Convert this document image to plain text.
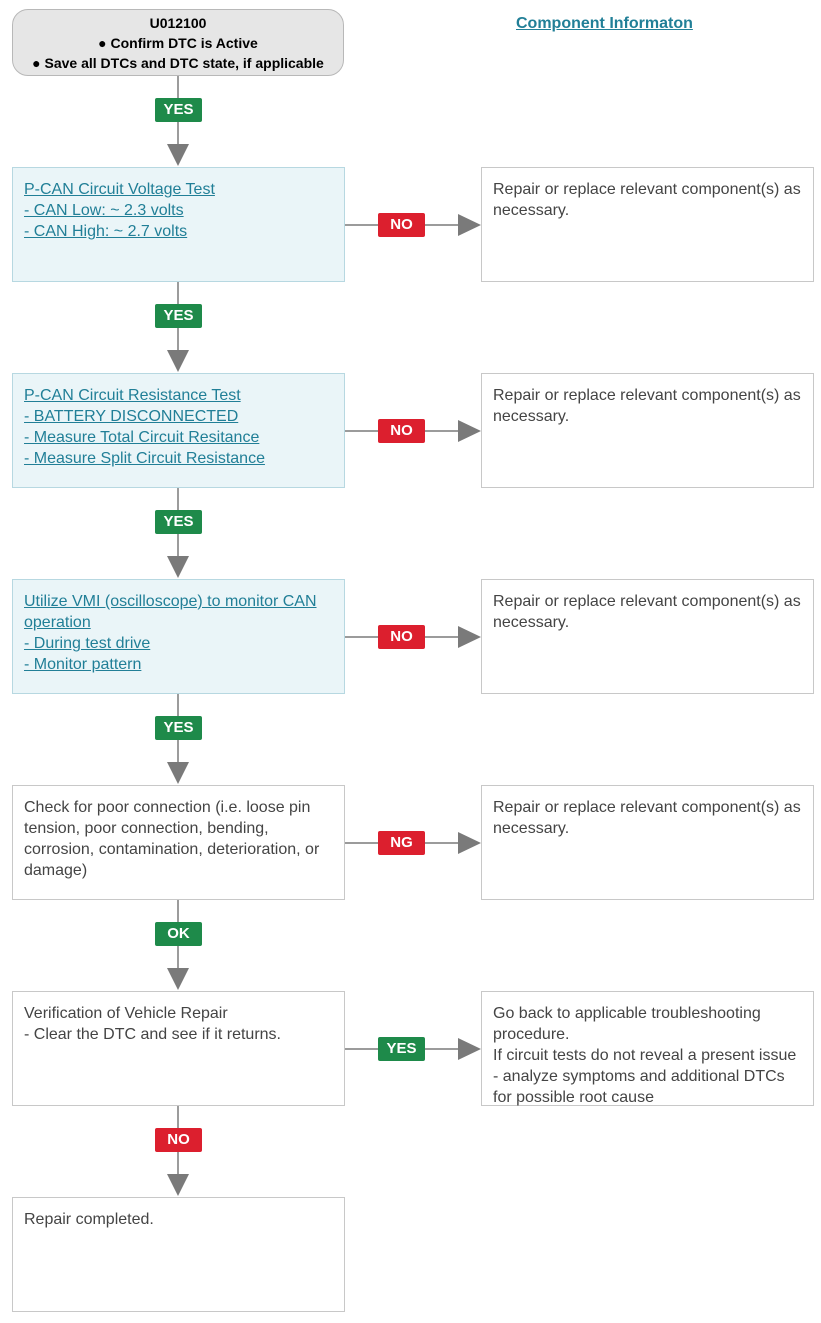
Component Informaton
U012100
● Confirm DTC is Active
● Save all DTCs and DTC state, if applicable
P-CAN Circuit Voltage Test
- CAN Low: ~ 2.3 volts
- CAN High: ~ 2.7 volts
P-CAN Circuit Resistance Test
- BATTERY DISCONNECTED
- Measure Total Circuit Resitance
- Measure Split Circuit Resistance
Utilize VMI (oscilloscope) to monitor CAN operation
- During test drive
- Monitor pattern
Check for poor connection (i.e. loose pin tension, poor connection, bending, corrosion, contamination, deterioration, or damage)
Verification of Vehicle Repair
- Clear the DTC and see if it returns.
Repair completed.
Repair or replace relevant component(s) as necessary.
Repair or replace relevant component(s) as necessary.
Repair or replace relevant component(s) as necessary.
Repair or replace relevant component(s) as necessary.
Go back to applicable troubleshooting procedure.
If circuit tests do not reveal a present issue - analyze symptoms and additional DTCs for possible root cause
YES
YES
YES
YES
OK
NO
NO
NO
NO
NG
YES
